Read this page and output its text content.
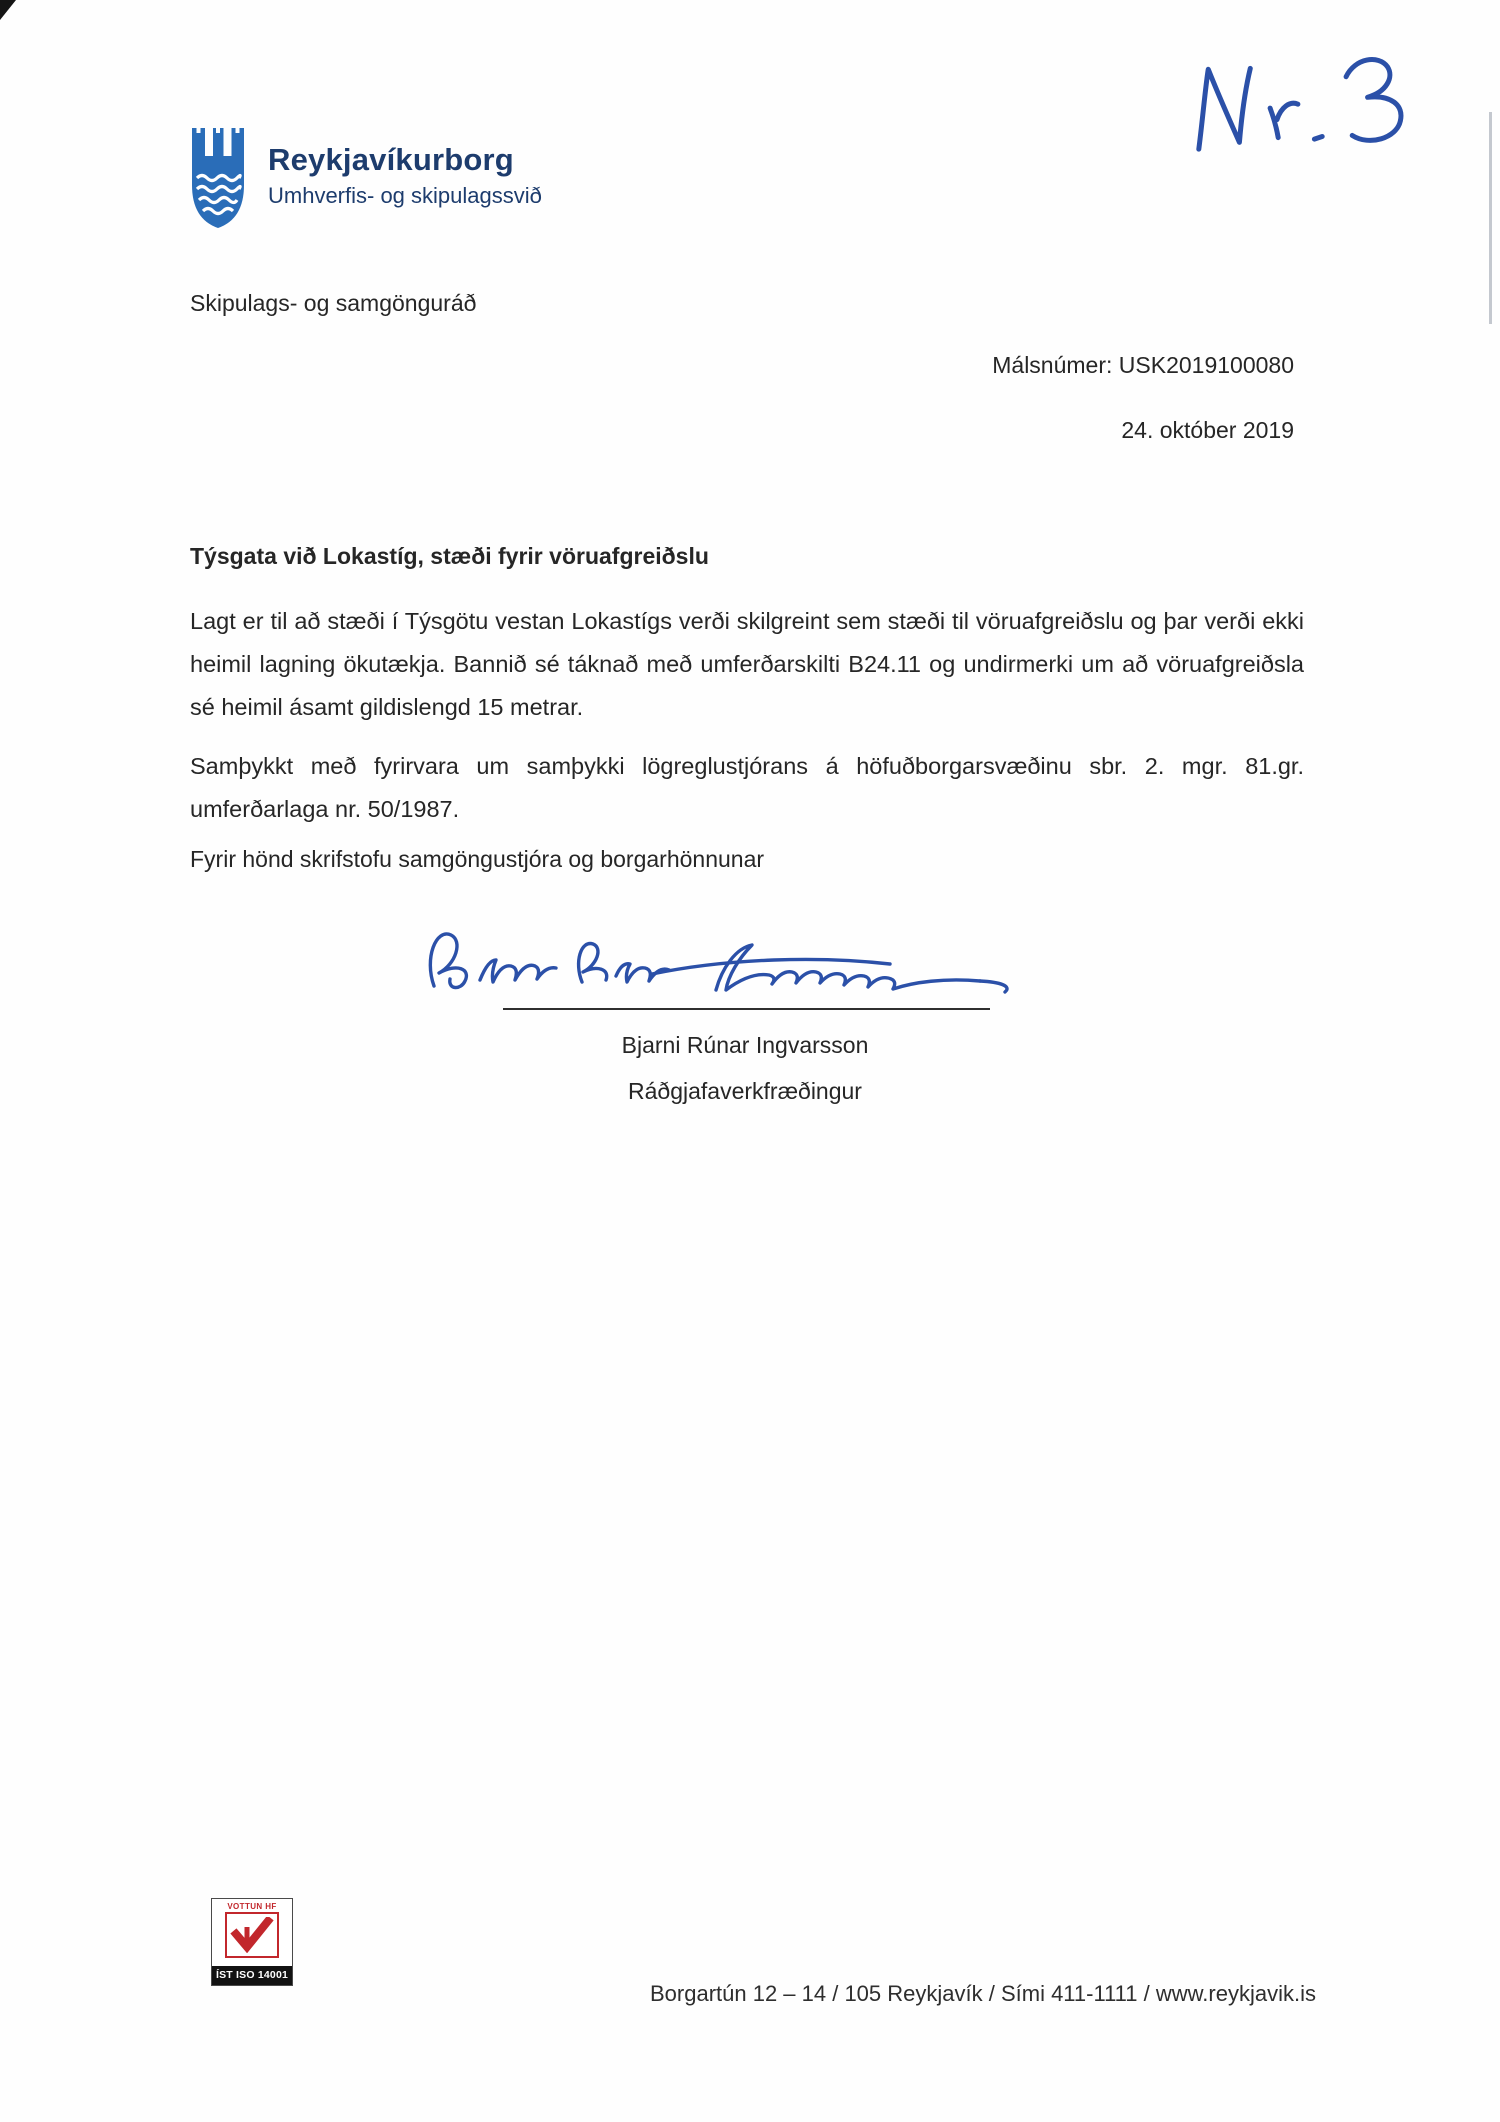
Reykjavíkurborg
Umhverfis- og skipulagssvið
Skipulags- og samgönguráð
Málsnúmer: USK2019100080
24. október 2019
Týsgata við Lokastíg, stæði fyrir vöruafgreiðslu

Lagt er til að stæði í Týsgötu vestan Lokastígs verði skilgreint sem stæði til vöruafgreiðslu og þar verði ekki heimil lagning ökutækja. Bannið sé táknað með umferðarskilti B24.11 og undirmerki um að vöruafgreiðsla sé heimil ásamt gildislengd 15 metrar.

Samþykkt með fyrirvara um samþykki lögreglustjórans á höfuðborgarsvæðinu sbr. 2. mgr. 81.gr. umferðarlaga nr. 50/1987.

Fyrir hönd skrifstofu samgöngustjóra og borgarhönnunar
Bjarni Rúnar Ingvarsson
Ráðgjafaverkfræðingur
VOTTUN HF
ÍST ISO 14001
Borgartún 12 – 14 / 105 Reykjavík / Sími 411-1111 / www.reykjavik.is
